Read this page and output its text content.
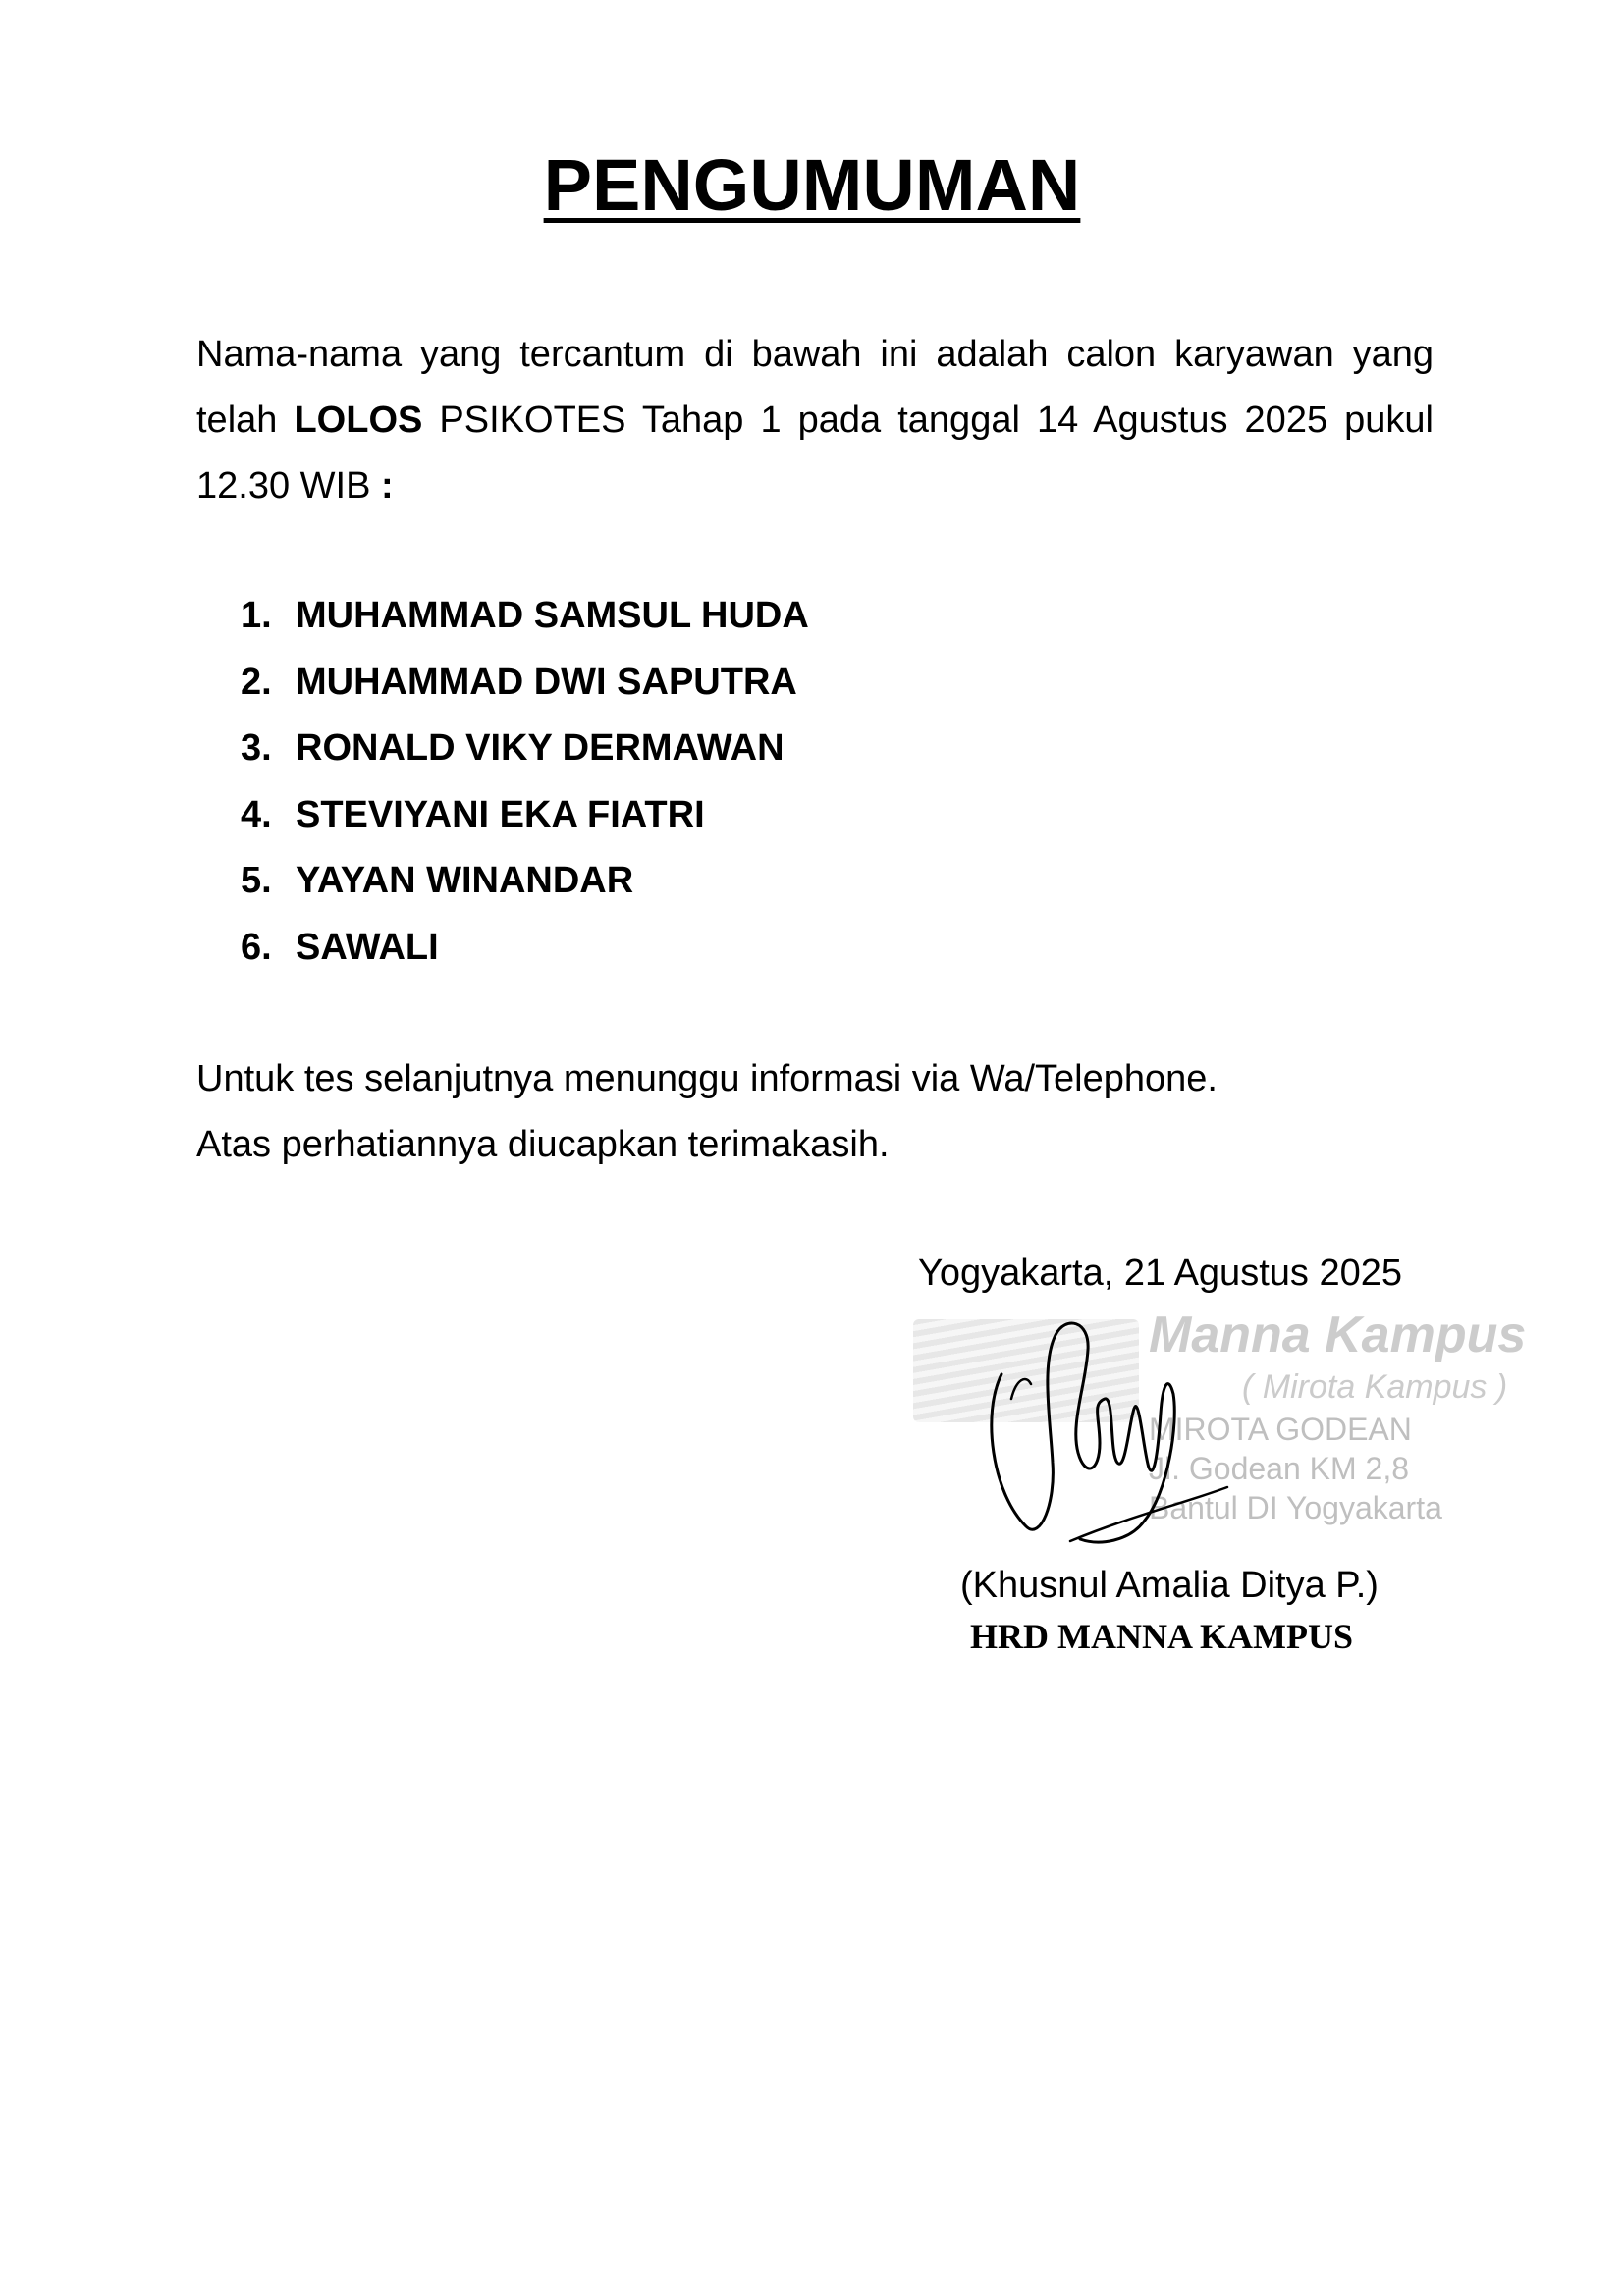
PENGUMUMAN
Nama-nama yang tercantum di bawah ini adalah calon karyawan yang telah LOLOS PSIKOTES Tahap 1 pada tanggal 14 Agustus 2025 pukul 12.30 WIB :
1. MUHAMMAD SAMSUL HUDA
2. MUHAMMAD DWI SAPUTRA
3. RONALD VIKY DERMAWAN
4. STEVIYANI EKA FIATRI
5. YAYAN WINANDAR
6. SAWALI
Untuk tes selanjutnya menunggu informasi via Wa/Telephone.
Atas perhatiannya diucapkan terimakasih.
Yogyakarta, 21 Agustus 2025
Manna Kampus
( Mirota Kampus )
MIROTA GODEAN
Jl. Godean KM 2,8
Bantul DI Yogyakarta
(Khusnul Amalia Ditya P.)
HRD MANNA KAMPUS
